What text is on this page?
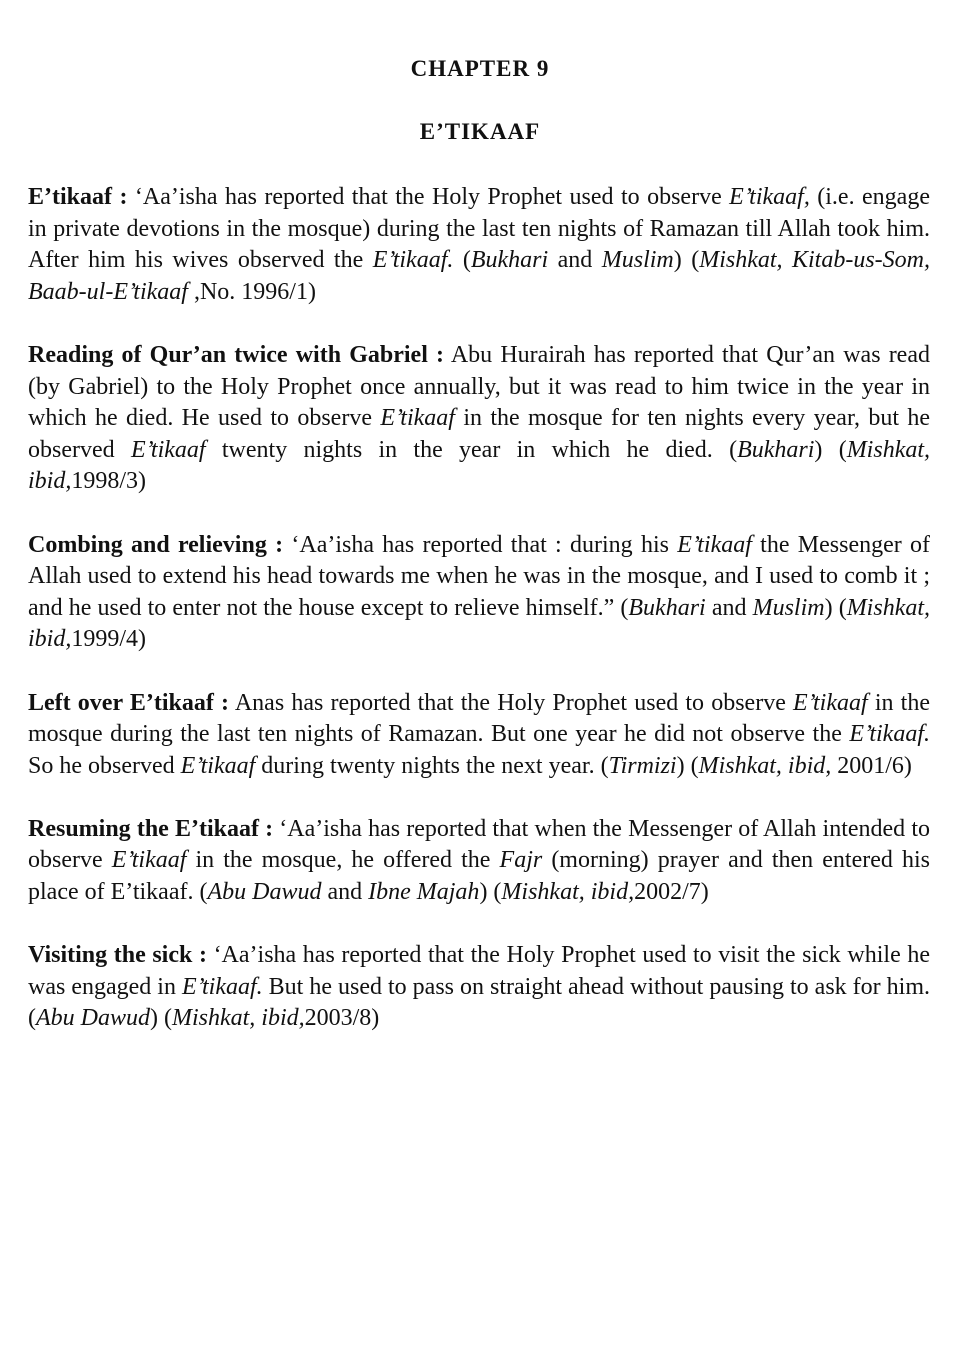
CHAPTER 9
E’TIKAAF

E’tikaaf : ‘Aa’isha has reported that the Holy Prophet used to observe E’tikaaf, (i.e. engage in private devotions in the mosque) during the last ten nights of Ramazan till Allah took him. After him his wives observed the E’tikaaf. (Bukhari and Muslim) (Mishkat, Kitab-us-Som, Baab-ul-E’tikaaf ,No. 1996/1)

Reading of Qur’an twice with Gabriel : Abu Hurairah has reported that Qur’an was read (by Gabriel) to the Holy Prophet once annually, but it was read to him twice in the year in which he died. He used to observe E’tikaaf in the mosque for ten nights every year, but he observed E’tikaaf twenty nights in the year in which he died. (Bukhari) (Mishkat, ibid,1998/3)

Combing and relieving : ‘Aa’isha has reported that : during his E’tikaaf the Messenger of Allah used to extend his head towards me when he was in the mosque, and I used to comb it ; and he used to enter not the house except to relieve himself.” (Bukhari and Muslim) (Mishkat, ibid,1999/4)

Left over E’tikaaf : Anas has reported that the Holy Prophet used to observe E’tikaaf in the mosque during the last ten nights of Ramazan. But one year he did not observe the E’tikaaf. So he observed E’tikaaf during twenty nights the next year. (Tirmizi) (Mishkat, ibid, 2001/6)

Resuming the E’tikaaf : ‘Aa’isha has reported that when the Messenger of Allah intended to observe E’tikaaf in the mosque, he offered the Fajr (morning) prayer and then entered his place of E’tikaaf. (Abu Dawud and Ibne Majah) (Mishkat, ibid,2002/7)

Visiting the sick : ‘Aa’isha has reported that the Holy Prophet used to visit the sick while he was engaged in E’tikaaf. But he used to pass on straight ahead without pausing to ask for him. (Abu Dawud) (Mishkat, ibid,2003/8)
